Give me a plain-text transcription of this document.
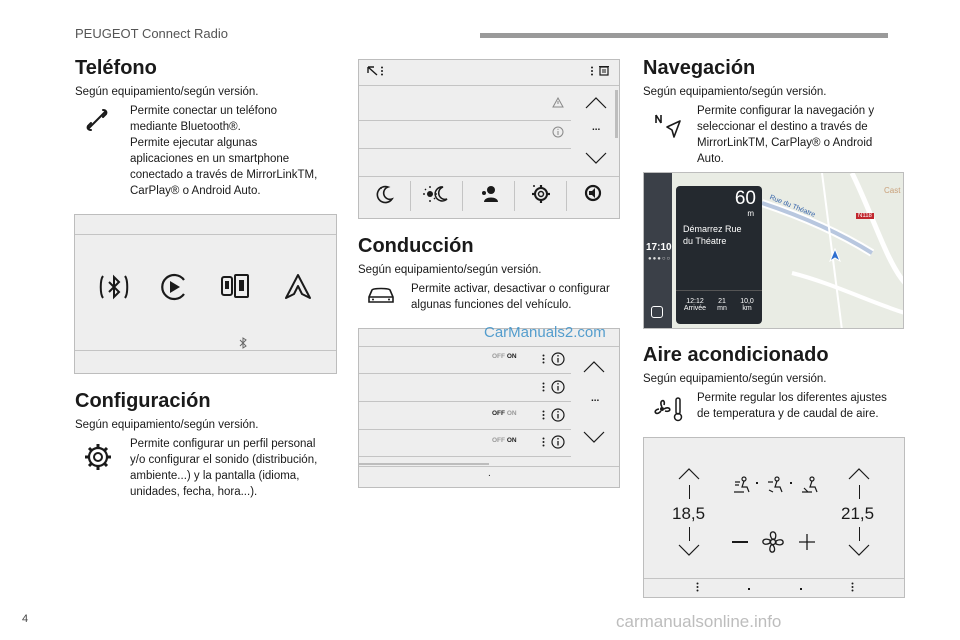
PEUGEOT Connect Radio
Teléfono
Según equipamiento/según versión.
Permite conectar un teléfono
mediante Bluetooth®.
Permite ejecutar algunas
aplicaciones en un smartphone
conectado a través de MirrorLinkTM,
CarPlay® o Android Auto.
Configuración
Según equipamiento/según versión.
Permite configurar un perfil personal
y/o configurar el sonido (distribución,
ambiente...) y la pantalla (idioma,
unidades, fecha, hora...).
...
Conducción
Según equipamiento/según versión.
Permite activar, desactivar o configurar
algunas funciones del vehículo.
OFF ON
OFF ON
OFF ON
...
.
Navegación
Según equipamiento/según versión.
Permite configurar la navegación y
seleccionar el destino a través de
MirrorLinkTM, CarPlay® o Android
Auto.
17:10
●●●○○
Rue du Théatre	N118
Cast
60
m
Démarrez Rue
du Théatre
12:12
Arrivée
21
mn
10,0
km
Aire acondicionado
Según equipamiento/según versión.
Permite regular los diferentes ajustes
de temperatura y de caudal de aire.
18,5	21,5
4
CarManuals2.com
carmanualsonline.info
